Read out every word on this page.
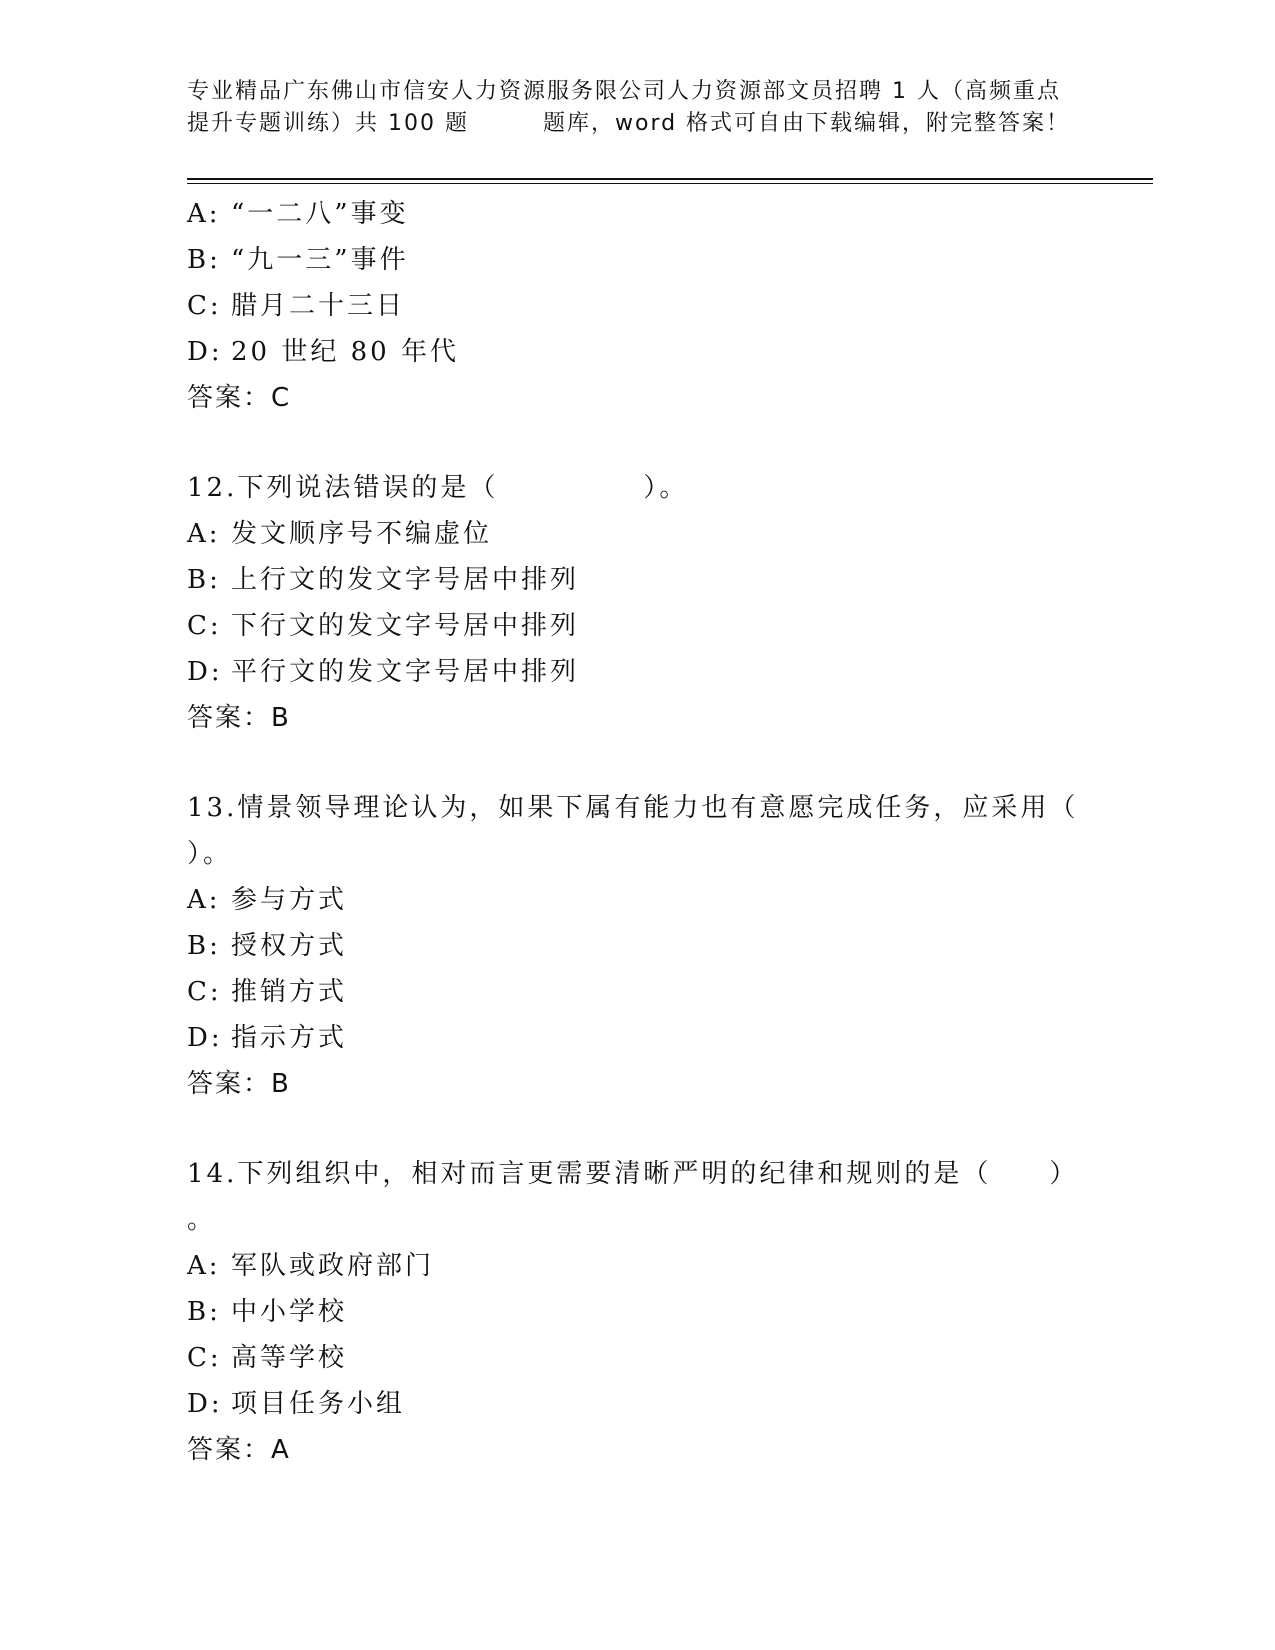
专业精品广东佛山市信安人力资源服务限公司人力资源部文员招聘 1 人（高频重点
提升专题训练）共 100 题	题库，word 格式可自由下载编辑，附完整答案！
A: “一二八”事变
B: “九一三”事件
C: 腊月二十三日
D: 20 世纪 80 年代
答案：C
12.下列说法错误的是（　　　　　）。
A: 发文顺序号不编虚位
B: 上行文的发文字号居中排列
C: 下行文的发文字号居中排列
D: 平行文的发文字号居中排列
答案：B
13.情景领导理论认为，如果下属有能力也有意愿完成任务，应采用（
）。
A: 参与方式
B: 授权方式
C: 推销方式
D: 指示方式
答案：B
14.下列组织中，相对而言更需要清晰严明的纪律和规则的是（　　）
。
A: 军队或政府部门
B: 中小学校
C: 高等学校
D: 项目任务小组
答案：A
